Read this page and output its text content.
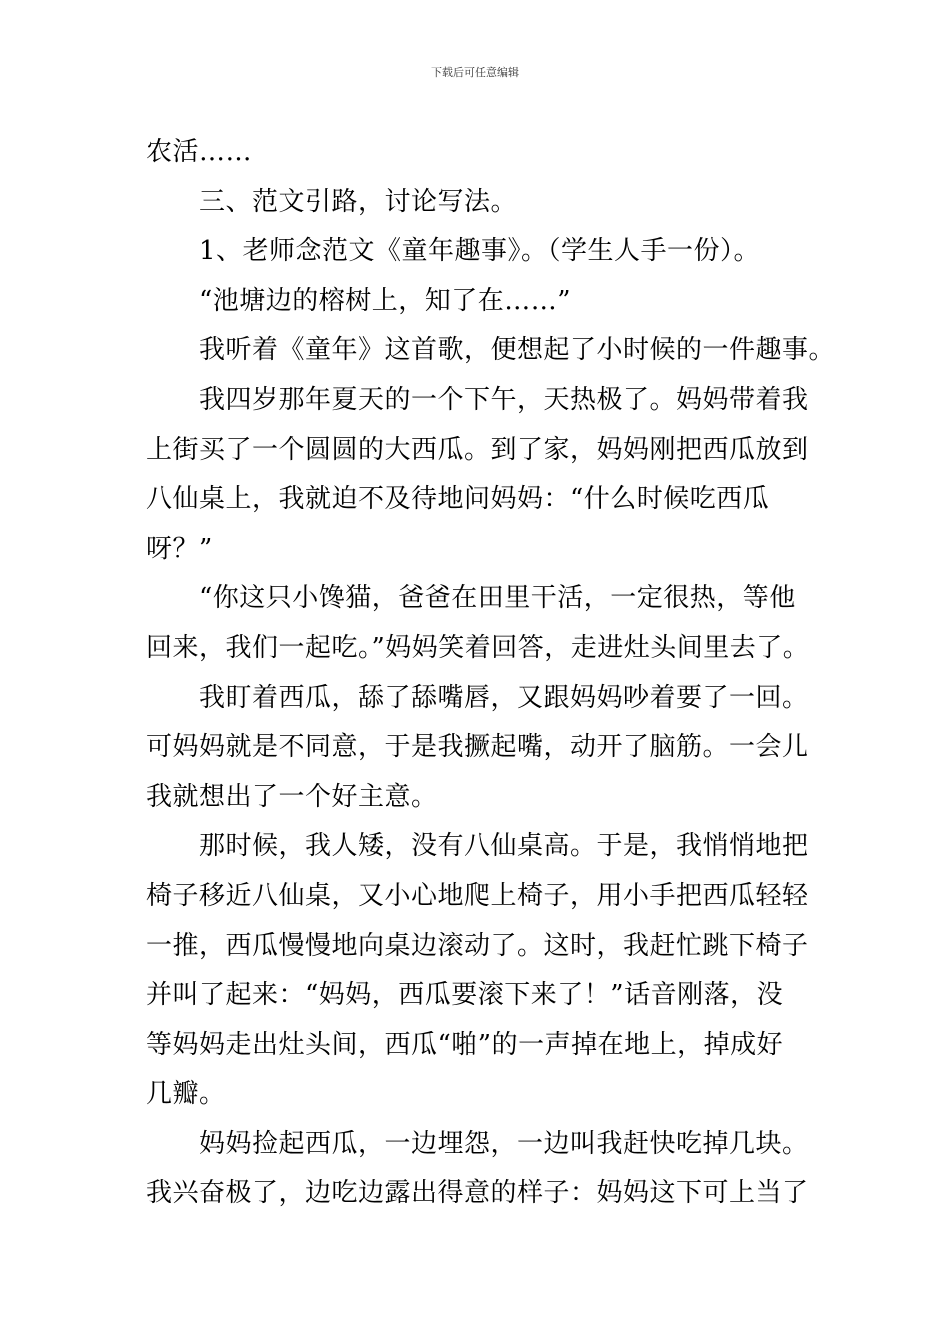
下载后可任意编辑
农活……
　　三、范文引路，讨论写法。
　　1、老师念范文《童年趣事》。（学生人手一份）。
　　“池塘边的榕树上，知了在……”
　　我听着《童年》这首歌，便想起了小时候的一件趣事。
　　我四岁那年夏天的一个下午，天热极了。妈妈带着我
上街买了一个圆圆的大西瓜。到了家，妈妈刚把西瓜放到
八仙桌上，我就迫不及待地问妈妈：“什么时候吃西瓜
呀？”
　　“你这只小馋猫，爸爸在田里干活，一定很热，等他
回来，我们一起吃。”妈妈笑着回答，走进灶头间里去了。
　　我盯着西瓜，舔了舔嘴唇，又跟妈妈吵着要了一回。
可妈妈就是不同意，于是我撅起嘴，动开了脑筋。一会儿
我就想出了一个好主意。
　　那时候，我人矮，没有八仙桌高。于是，我悄悄地把
椅子移近八仙桌，又小心地爬上椅子，用小手把西瓜轻轻
一推，西瓜慢慢地向桌边滚动了。这时，我赶忙跳下椅子
并叫了起来：“妈妈，西瓜要滚下来了！”话音刚落，没
等妈妈走出灶头间，西瓜“啪”的一声掉在地上，掉成好
几瓣。
　　妈妈捡起西瓜，一边埋怨，一边叫我赶快吃掉几块。
我兴奋极了，边吃边露出得意的样子：妈妈这下可上当了
